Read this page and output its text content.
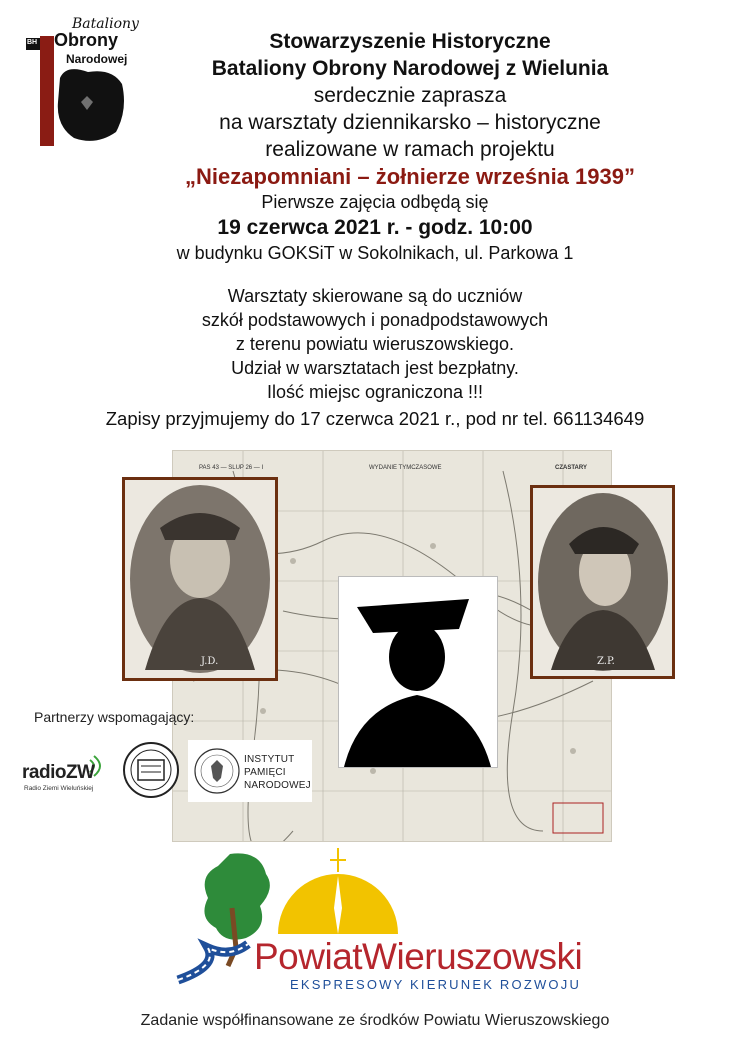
BH
Bataliony
Obrony
Narodowej
Stowarzyszenie Historyczne
Bataliony Obrony Narodowej z Wielunia
serdecznie zaprasza
na warsztaty dziennikarsko – historyczne
realizowane w ramach projektu
„Niezapomniani – żołnierze września 1939”
Pierwsze zajęcia odbędą się
19 czerwca 2021 r. - godz. 10:00
w budynku GOKSiT w Sokolnikach, ul. Parkowa 1
Warsztaty skierowane są do uczniów
szkół podstawowych i ponadpodstawowych
z terenu powiatu wieruszowskiego.
Udział w warsztatach jest bezpłatny.
Ilość miejsc ograniczona !!!
Zapisy przyjmujemy do 17 czerwca 2021 r., pod nr tel. 661134649
PAS 43 — SLUP 26 — I	WYDANIE TYMCZASOWE	CZASTARY
J.D.	Z.P.
Partnerzy wspomagający:
radioZW
Radio Ziemi Wieluńskiej
INSTYTUT
PAMIĘCI
NARODOWEJ
PowiatWieruszowski
EKSPRESOWY KIERUNEK ROZWOJU
Zadanie współfinansowane ze środków Powiatu Wieruszowskiego
